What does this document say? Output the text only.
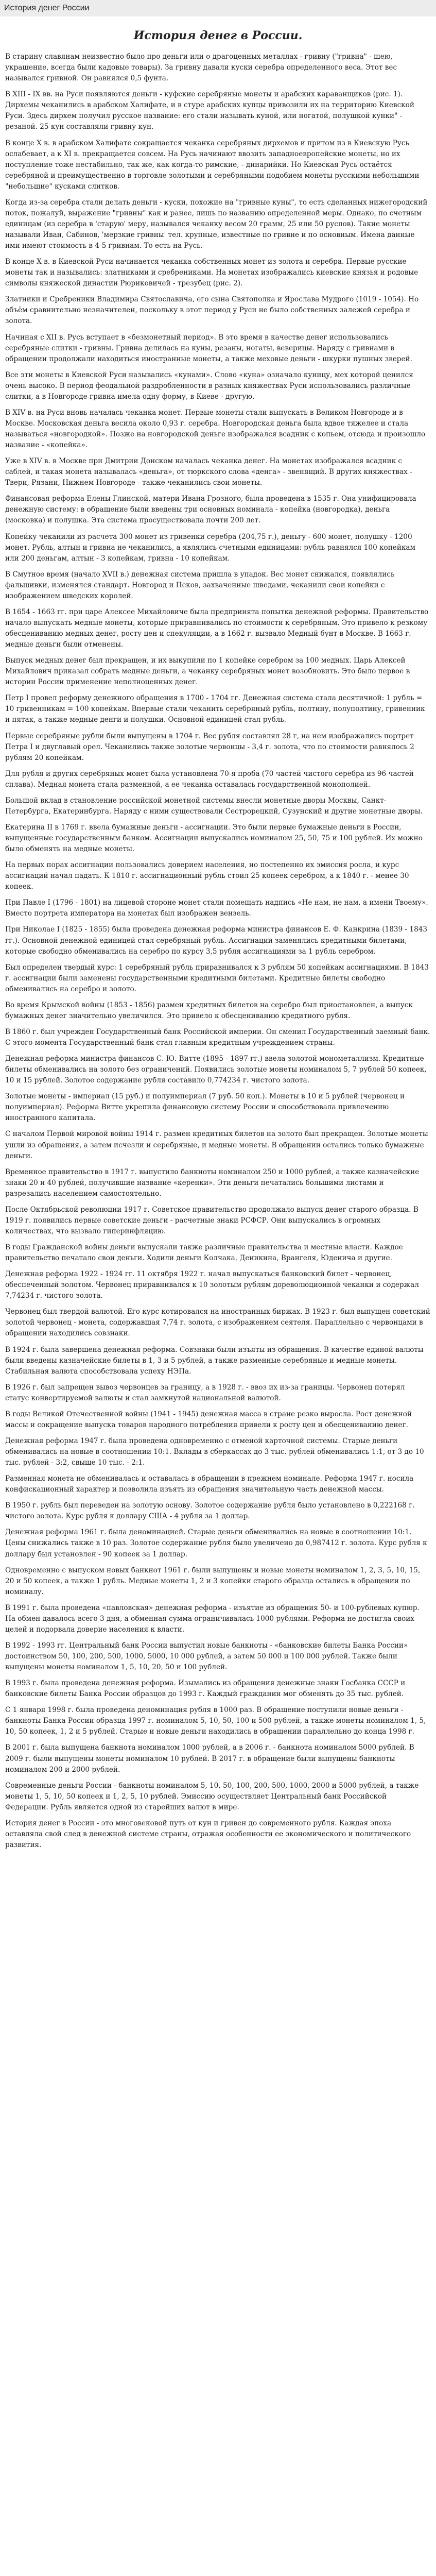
История денег России
История денег в России.

В старину славянам неизвестно было про деньги или о драгоценных металлах - гривну ("гривна" - шею, украшение, всегда были кадовые товары). За гривну давали куски серебра определенного веса. Этот вес назывался гривной. Он равнялся 0,5 фунта.

В XIII - IX вв. на Руси появляются деньги - куфские серебряные монеты и арабских караванщиков (рис. 1). Дирхемы чеканились в арабском Халифате, и в стуре арабских купцы привозили их на территорию Киевской Руси. Здесь дирхем получил русское название: его стали называть куной, или ногатой, полушкой кунки" - резаной. 25 кун составляли гривну кун.

В конце X в. в арабском Халифате сокращается чеканка серебряных дирхемов и притом из в Киевскую Русь ослабевает, а к XI в. прекращается совсем. На Русь начинают ввозить западноевропейские монеты, но их поступление тоже нестабильно, так же, как когда-то римские, - динарийки. Но Киевская Русь остаётся серебряной и преимущественно в торговле золотыми и серебряными подобием монеты русскими небольшими "небольшие" кусками слитков.

Когда из-за серебра стали делать деньги - куски, похожие на "гривные куны", то есть сделанных нижегородский поток, пожалуй, выражение "гривны" как и ранее, лишь по названию определенной меры. Однако, по счетным единицам (из серебра в 'старую' меру, назывался чеканку весом 20 грамм, 25 или 50 руслов). Такие монеты называли Иван, Сабинов, 'мерзкие гривны' тел. крупные, известные по гривне и по основным. Имена данные ими имеют стоимость в 4-5 гривнам. То есть на Русь.

В конце X в. в Киевской Руси начинается чеканка собственных монет из золота и серебра. Первые русские монеты так и назывались: златниками и сребрениками. На монетах изображались киевские князья и родовые символы княжеской династии Рюриковичей - трезубец (рис. 2).

Златники и Сребреники Владимира Святославича, его сына Святополка и Ярослава Мудрого (1019 - 1054). Но объём сравнительно незначителен, поскольку в этот период у Руси не было собственных залежей серебра и золота.

Начиная с XII в. Русь вступает в «безмонетный период». В это время в качестве денег использовались серебряные слитки - гривны. Гривна делилась на куны, резаны, ногаты, веверицы. Наряду с гривнами в обращении продолжали находиться иностранные монеты, а также меховые деньги - шкурки пушных зверей.

Все эти монеты в Киевской Руси назывались «кунами». Слово «куна» означало куницу, мех которой ценился очень высоко. В период феодальной раздробленности в разных княжествах Руси использовались различные слитки, а в Новгороде гривна имела одну форму, в Киеве - другую.

В XIV в. на Руси вновь началась чеканка монет. Первые монеты стали выпускать в Великом Новгороде и в Москве. Московская деньга весила около 0,93 г. серебра. Новгородская деньга была вдвое тяжелее и стала называться «новгородкой». Позже на новгородской деньге изображался всадник с копьем, отсюда и произошло название - «копейка».

Уже в XIV в. в Москве при Дмитрии Донском началась чеканка денег. На монетах изображался всадник с саблей, и такая монета называлась «деньга», от тюркского слова «денга» - звенящий. В других княжествах - Твери, Рязани, Нижнем Новгороде - также чеканились свои монеты.

Финансовая реформа Елены Глинской, матери Ивана Грозного, была проведена в 1535 г. Она унифицировала денежную систему: в обращение были введены три основных номинала - копейка (новгородка), деньга (московка) и полушка. Эта система просуществовала почти 200 лет.

Копейку чеканили из расчета 300 монет из гривенки серебра (204,75 г.), деньгу - 600 монет, полушку - 1200 монет. Рубль, алтын и гривна не чеканились, а являлись счетными единицами: рубль равнялся 100 копейкам или 200 деньгам, алтын - 3 копейкам, гривна - 10 копейкам.

В Смутное время (начало XVII в.) денежная система пришла в упадок. Вес монет снижался, появлялись фальшивки, изменялся стандарт. Новгород и Псков, захваченные шведами, чеканили свои копейки с изображением шведских королей.

В 1654 - 1663 гг. при царе Алексее Михайловиче была предпринята попытка денежной реформы. Правительство начало выпускать медные монеты, которые приравнивались по стоимости к серебряным. Это привело к резкому обесцениванию медных денег, росту цен и спекуляции, а в 1662 г. вызвало Медный бунт в Москве. В 1663 г. медные деньги были отменены.

Выпуск медных денег был прекращен, и их выкупили по 1 копейке серебром за 100 медных. Царь Алексей Михайлович приказал собрать медные деньги, а чеканку серебряных монет возобновить. Это было первое в истории России применение неполноценных денег.

Петр I провел реформу денежного обращения в 1700 - 1704 гг. Денежная система стала десятичной: 1 рубль = 10 гривенникам = 100 копейкам. Впервые стали чеканить серебряный рубль, полтину, полуполтину, гривенник и пятак, а также медные денги и полушки. Основной единицей стал рубль.

Первые серебряные рубли были выпущены в 1704 г. Вес рубля составлял 28 г, на нем изображались портрет Петра I и двуглавый орел. Чеканились также золотые червонцы - 3,4 г. золота, что по стоимости равнялось 2 рублям 20 копейкам.

Для рубля и других серебряных монет была установлена 70-я проба (70 частей чистого серебра из 96 частей сплава). Медная монета стала разменной, а ее чеканка оставалась государственной монополией.

Большой вклад в становление российской монетной системы внесли монетные дворы Москвы, Санкт-Петербурга, Екатеринбурга. Наряду с ними существовали Сестрорецкий, Сузунский и другие монетные дворы.

Екатерина II в 1769 г. ввела бумажные деньги - ассигнации. Это были первые бумажные деньги в России, выпущенные государственным банком. Ассигнации выпускались номиналом 25, 50, 75 и 100 рублей. Их можно было обменять на медные монеты.

На первых порах ассигнации пользовались доверием населения, но постепенно их эмиссия росла, и курс ассигнаций начал падать. К 1810 г. ассигнационный рубль стоил 25 копеек серебром, а к 1840 г. - менее 30 копеек.

При Павле I (1796 - 1801) на лицевой стороне монет стали помещать надпись «Не нам, не нам, а имени Твоему». Вместо портрета императора на монетах был изображен вензель.

При Николае I (1825 - 1855) была проведена денежная реформа министра финансов Е. Ф. Канкрина (1839 - 1843 гг.). Основной денежной единицей стал серебряный рубль. Ассигнации заменялись кредитными билетами, которые свободно обменивались на серебро по курсу 3,5 рубля ассигнациями за 1 рубль серебром.

Был определен твердый курс: 1 серебряный рубль приравнивался к 3 рублям 50 копейкам ассигнациями. В 1843 г. ассигнации были заменены государственными кредитными билетами. Кредитные билеты свободно обменивались на серебро и золото.

Во время Крымской войны (1853 - 1856) размен кредитных билетов на серебро был приостановлен, а выпуск бумажных денег значительно увеличился. Это привело к обесцениванию кредитного рубля.

В 1860 г. был учрежден Государственный банк Российской империи. Он сменил Государственный заемный банк. С этого момента Государственный банк стал главным кредитным учреждением страны.

Денежная реформа министра финансов С. Ю. Витте (1895 - 1897 гг.) ввела золотой монометаллизм. Кредитные билеты обменивались на золото без ограничений. Появились золотые монеты номиналом 5, 7 рублей 50 копеек, 10 и 15 рублей. Золотое содержание рубля составило 0,774234 г. чистого золота.

Золотые монеты - империал (15 руб.) и полуимпериал (7 руб. 50 коп.). Монеты в 10 и 5 рублей (червонец и полуимпериал). Реформа Витте укрепила финансовую систему России и способствовала привлечению иностранного капитала.

С началом Первой мировой войны 1914 г. размен кредитных билетов на золото был прекращен. Золотые монеты ушли из обращения, а затем исчезли и серебряные, и медные монеты. В обращении остались только бумажные деньги.

Временное правительство в 1917 г. выпустило банкноты номиналом 250 и 1000 рублей, а также казначейские знаки 20 и 40 рублей, получившие название «керенки». Эти деньги печатались большими листами и разрезались населением самостоятельно.

После Октябрьской революции 1917 г. Советское правительство продолжало выпуск денег старого образца. В 1919 г. появились первые советские деньги - расчетные знаки РСФСР. Они выпускались в огромных количествах, что вызвало гиперинфляцию.

В годы Гражданской войны деньги выпускали также различные правительства и местные власти. Каждое правительство печатало свои деньги. Ходили деньги Колчака, Деникина, Врангеля, Юденича и другие.

Денежная реформа 1922 - 1924 гг. 11 октября 1922 г. начал выпускаться банковский билет - червонец, обеспеченный золотом. Червонец приравнивался к 10 золотым рублям дореволюционной чеканки и содержал 7,74234 г. чистого золота.

Червонец был твердой валютой. Его курс котировался на иностранных биржах. В 1923 г. был выпущен советский золотой червонец - монета, содержавшая 7,74 г. золота, с изображением сеятеля. Параллельно с червонцами в обращении находились совзнаки.

В 1924 г. была завершена денежная реформа. Совзнаки были изъяты из обращения. В качестве единой валюты были введены казначейские билеты в 1, 3 и 5 рублей, а также разменные серебряные и медные монеты. Стабильная валюта способствовала успеху НЭПа.

В 1926 г. был запрещен вывоз червонцев за границу, а в 1928 г. - ввоз их из-за границы. Червонец потерял статус конвертируемой валюты и стал замкнутой национальной валютой.

В годы Великой Отечественной войны (1941 - 1945) денежная масса в стране резко выросла. Рост денежной массы и сокращение выпуска товаров народного потребления привели к росту цен и обесцениванию денег.

Денежная реформа 1947 г. была проведена одновременно с отменой карточной системы. Старые деньги обменивались на новые в соотношении 10:1. Вклады в сберкассах до 3 тыс. рублей обменивались 1:1, от 3 до 10 тыс. рублей - 3:2, свыше 10 тыс. - 2:1.

Разменная монета не обменивалась и оставалась в обращении в прежнем номинале. Реформа 1947 г. носила конфискационный характер и позволила изъять из обращения значительную часть денежной массы.

В 1950 г. рубль был переведен на золотую основу. Золотое содержание рубля было установлено в 0,222168 г. чистого золота. Курс рубля к доллару США - 4 рубля за 1 доллар.

Денежная реформа 1961 г. была деноминацией. Старые деньги обменивались на новые в соотношении 10:1. Цены снижались также в 10 раз. Золотое содержание рубля было увеличено до 0,987412 г. золота. Курс рубля к доллару был установлен - 90 копеек за 1 доллар.

Одновременно с выпуском новых банкнот 1961 г. были выпущены и новые монеты номиналом 1, 2, 3, 5, 10, 15, 20 и 50 копеек, а также 1 рубль. Медные монеты 1, 2 и 3 копейки старого образца остались в обращении по номиналу.

В 1991 г. была проведена «павловская» денежная реформа - изъятие из обращения 50- и 100-рублевых купюр. На обмен давалось всего 3 дня, а обменная сумма ограничивалась 1000 рублями. Реформа не достигла своих целей и подорвала доверие населения к власти.

В 1992 - 1993 гг. Центральный банк России выпустил новые банкноты - «банковские билеты Банка России» достоинством 50, 100, 200, 500, 1000, 5000, 10 000 рублей, а затем 50 000 и 100 000 рублей. Также были выпущены монеты номиналом 1, 5, 10, 20, 50 и 100 рублей.

В 1993 г. была проведена денежная реформа. Изымались из обращения денежные знаки Госбанка СССР и банковские билеты Банка России образцов до 1993 г. Каждый гражданин мог обменять до 35 тыс. рублей.

С 1 января 1998 г. была проведена деноминация рубля в 1000 раз. В обращение поступили новые деньги - банкноты Банка России образца 1997 г. номиналом 5, 10, 50, 100 и 500 рублей, а также монеты номиналом 1, 5, 10, 50 копеек, 1, 2 и 5 рублей. Старые и новые деньги находились в обращении параллельно до конца 1998 г.

В 2001 г. была выпущена банкнота номиналом 1000 рублей, а в 2006 г. - банкнота номиналом 5000 рублей. В 2009 г. были выпущены монеты номиналом 10 рублей. В 2017 г. в обращение были выпущены банкноты номиналом 200 и 2000 рублей.

Современные деньги России - банкноты номиналом 5, 10, 50, 100, 200, 500, 1000, 2000 и 5000 рублей, а также монеты 1, 5, 10, 50 копеек и 1, 2, 5, 10 рублей. Эмиссию осуществляет Центральный банк Российской Федерации. Рубль является одной из старейших валют в мире.

История денег в России - это многовековой путь от кун и гривен до современного рубля. Каждая эпоха оставляла свой след в денежной системе страны, отражая особенности ее экономического и политического развития.
